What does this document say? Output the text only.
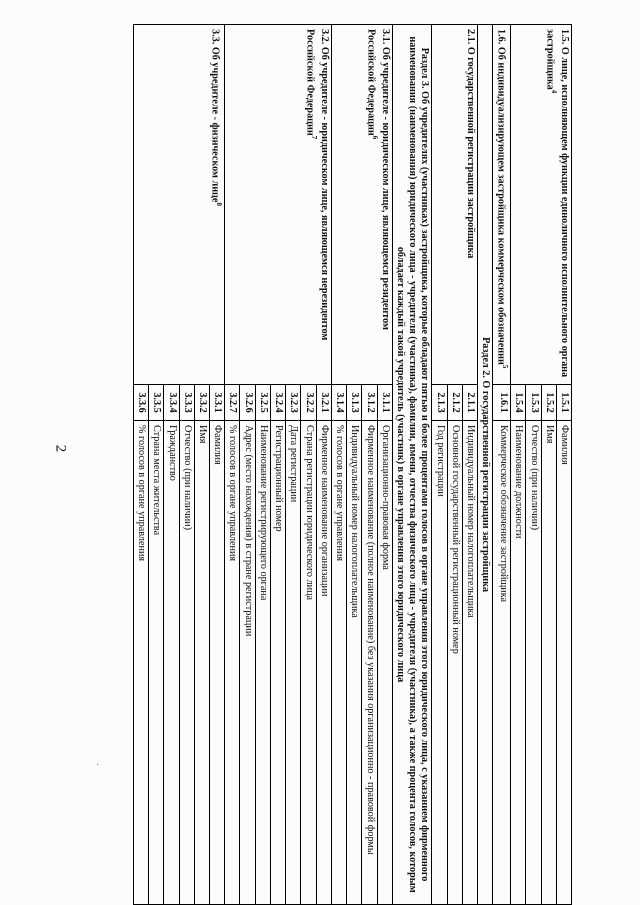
2
·
1.5. О лице, исполняющем функции единоличного исполнительного органа застройщика$^4$	1.5.1	Фамилия
	1.5.2	Имя
	1.5.3	Отчество (при наличии)
	1.5.4	Наименование должности
1.6. Об индивидуализирующем застройщика коммерческом обозначении$^5$	1.6.1	Коммерческое обозначение застройщика
Раздел 2. О государственной регистрации застройщика		
2.1. О государственной регистрации застройщика	2.1.1	Индивидуальный номер налогоплательщика
	2.1.2	Основной государственный регистрационный номер
	2.1.3	Год регистрации
Раздел 3. Об учредителях (участниках) застройщика, которые обладают пятью и более процентами голосов в органе управления этого юридического лица, с указанием фирменного наименования (наименования) юридического лица - учредителя (участника), фамилии, имени, отчества физического лица - учредителя (участника), а также процента голосов, которым обладает каждый такой учредитель (участник) в органе управления этого юридического лица		
3.1. Об учредителе - юридическом лице, являющемся резидентом Российской Федерации$^6$	3.1.1	Организационно-правовая форма
	3.1.2	Фирменное наименование (полное наименование) без указания организационно - правовой формы
	3.1.3	Индивидуальный номер налогоплательщика
	3.1.4	% голосов в органе управления
3.2. Об учредителе - юридическом лице, являющемся нерезидентом Российской Федерации$^7$	3.2.1	Фирменное наименование организации
	3.2.2	Страна регистрации юридического лица
	3.2.3	Дата регистрации
	3.2.4	Регистрационный номер
	3.2.5	Наименование регистрирующего органа
	3.2.6	Адрес (место нахождения) в стране регистрации
	3.2.7	% голосов в органе управления
3.3. Об учредителе - физическом лице$^8$	3.3.1	Фамилия
	3.3.2	Имя
	3.3.3	Отчество (при наличии)
	3.3.4	Гражданство
	3.3.5	Страна места жительства
	3.3.6	% голосов в органе управления
